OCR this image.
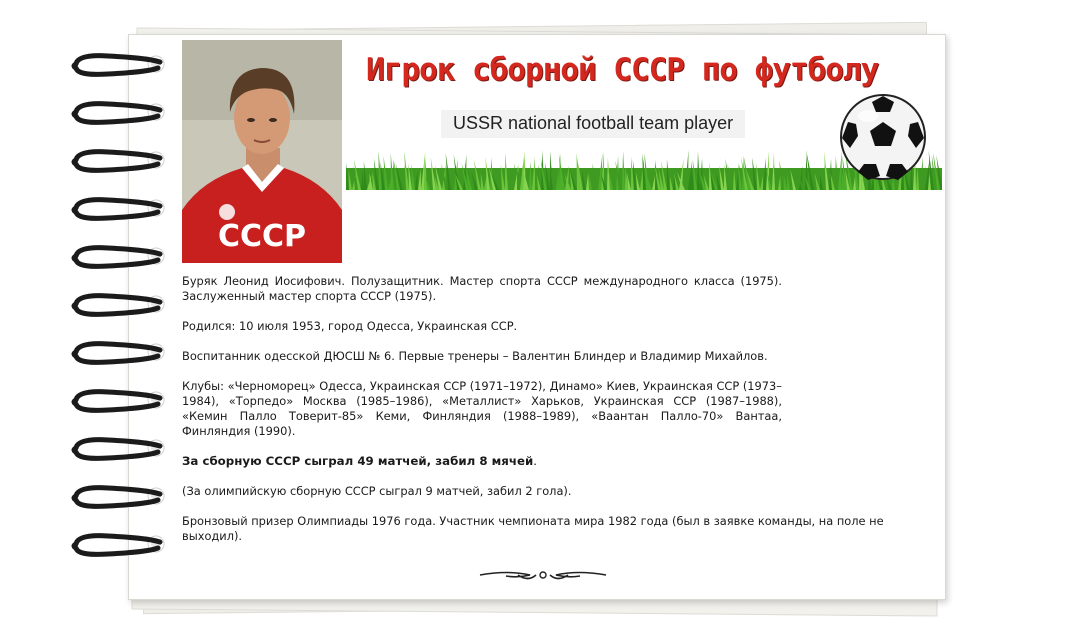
СССР
Игрок сборной СССР по футболу
USSR national football team player

Буряк Леонид Иосифович. Полузащитник. Мастер спорта СССР международного класса (1975). Заслуженный мастер спорта СССР (1975).

Родился: 10 июля 1953, город Одесса, Украинская ССР.

Воспитанник одесской ДЮСШ № 6. Первые тренеры – Валентин Блиндер и Владимир Михайлов.

Клубы: «Черноморец» Одесса, Украинская ССР (1971–1972), Динамо» Киев, Украинская ССР (1973–1984), «Торпедо» Москва (1985–1986), «Металлист» Харьков, Украинская ССР (1987–1988), «Кемин Палло Товерит-85» Кеми, Финляндия (1988–1989), «Ваантан Палло-70» Вантаа, Финляндия (1990).

За сборную СССР сыграл 49 матчей, забил 8 мячей.

(За олимпийскую сборную СССР сыграл 9 матчей, забил 2 гола).

Бронзовый призер Олимпиады 1976 года. Участник чемпионата мира 1982 года (был в заявке команды, на поле не выходил).
